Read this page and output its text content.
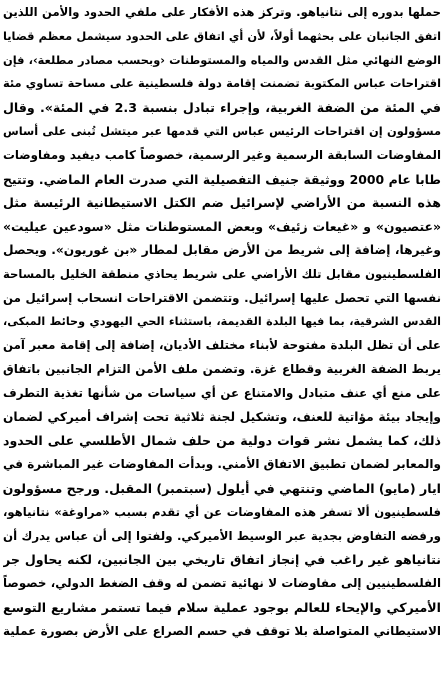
حملها بدوره إلى نتانياهو. وتركز هذه الأفكار على ملفي الحدود والأمن اللذين
اتفق الجانبان على بحثهما أولاً، لأن أي اتفاق على الحدود سيشمل معظم قضايا
الوضع النهائي مثل القدس والمياه والمستوطنات ‹وبحسب مصادر مطلعة›، فإن
اقتراحات عباس المكتوبة تضمنت إقامة دولة فلسطينية على مساحة تساوي مئة
في المئة من الضفة الغربية، وإجراء تبادل بنسبة 2.3 في المئة». وقال
مسؤولون إن اقتراحات الرئيس عباس التي قدمها عبر ميتشل تُبنى على أساس
المفاوضات السابقة الرسمية وغير الرسمية، خصوصاً كامب ديفيد ومفاوضات
طابا عام 2000 ووثيقة جنيف التفصيلية التي صدرت العام الماضي. وتتيح
هذه النسبة من الأراضي لإسرائيل ضم الكتل الاستيطانية الرئيسة مثل
«عتصيون» و «غيعات زئيف» وبعض المستوطنات مثل «سودعين عيليت»
وغيرها، إضافة إلى شريط من الأرض مقابل لمطار «بن غوريون». ويحصل
الفلسطينيون مقابل تلك الأراضي على شريط يحاذي منطقة الخليل بالمساحة
نفسها التي تحصل عليها إسرائيل. وتتضمن الاقتراحات انسحاب إسرائيل من
القدس الشرقية، بما فيها البلدة القديمة، باستثناء الحي اليهودي وحائط المبكى،
على أن تظل البلدة مفتوحة لأبناء مختلف الأديان، إضافة إلى إقامة معبر آمن
يربط الضفة الغربية وقطاع غزة. وتضمن ملف الأمن التزام الجانبين باتفاق
على منع أي عنف متبادل والامتناع عن أي سياسات من شأنها تغذية التطرف
وإيجاد بيئة مؤاتية للعنف، وتشكيل لجنة ثلاثية تحت إشراف أميركي لضمان
ذلك، كما يشمل نشر قوات دولية من حلف شمال الأطلسي على الحدود
والمعابر لضمان تطبيق الاتفاق الأمني. وبدأت المفاوضات غير المباشرة في
ايار (مايو) الماضي وتنتهي في أيلول (سبتمبر) المقبل. ورجح مسؤولون
فلسطينيون ألا تسفر هذه المفاوضات عن أي تقدم بسبب «مراوغة» نتانياهو،
ورفضه التفاوض بجدية عبر الوسيط الأميركي. ولفتوا إلى أن عباس يدرك أن
نتانياهو غير راغب في إنجاز اتفاق تاريخي بين الجانبين، لكنه يحاول جر
الفلسطينيين إلى مفاوضات لا نهائية تضمن له وقف الضغط الدولي، خصوصاً
الأميركي والإيحاء للعالم بوجود عملية سلام فيما تستمر مشاريع التوسع
الاستيطاني المتواصلة بلا توقف في حسم الصراع على الأرض بصورة عملية
